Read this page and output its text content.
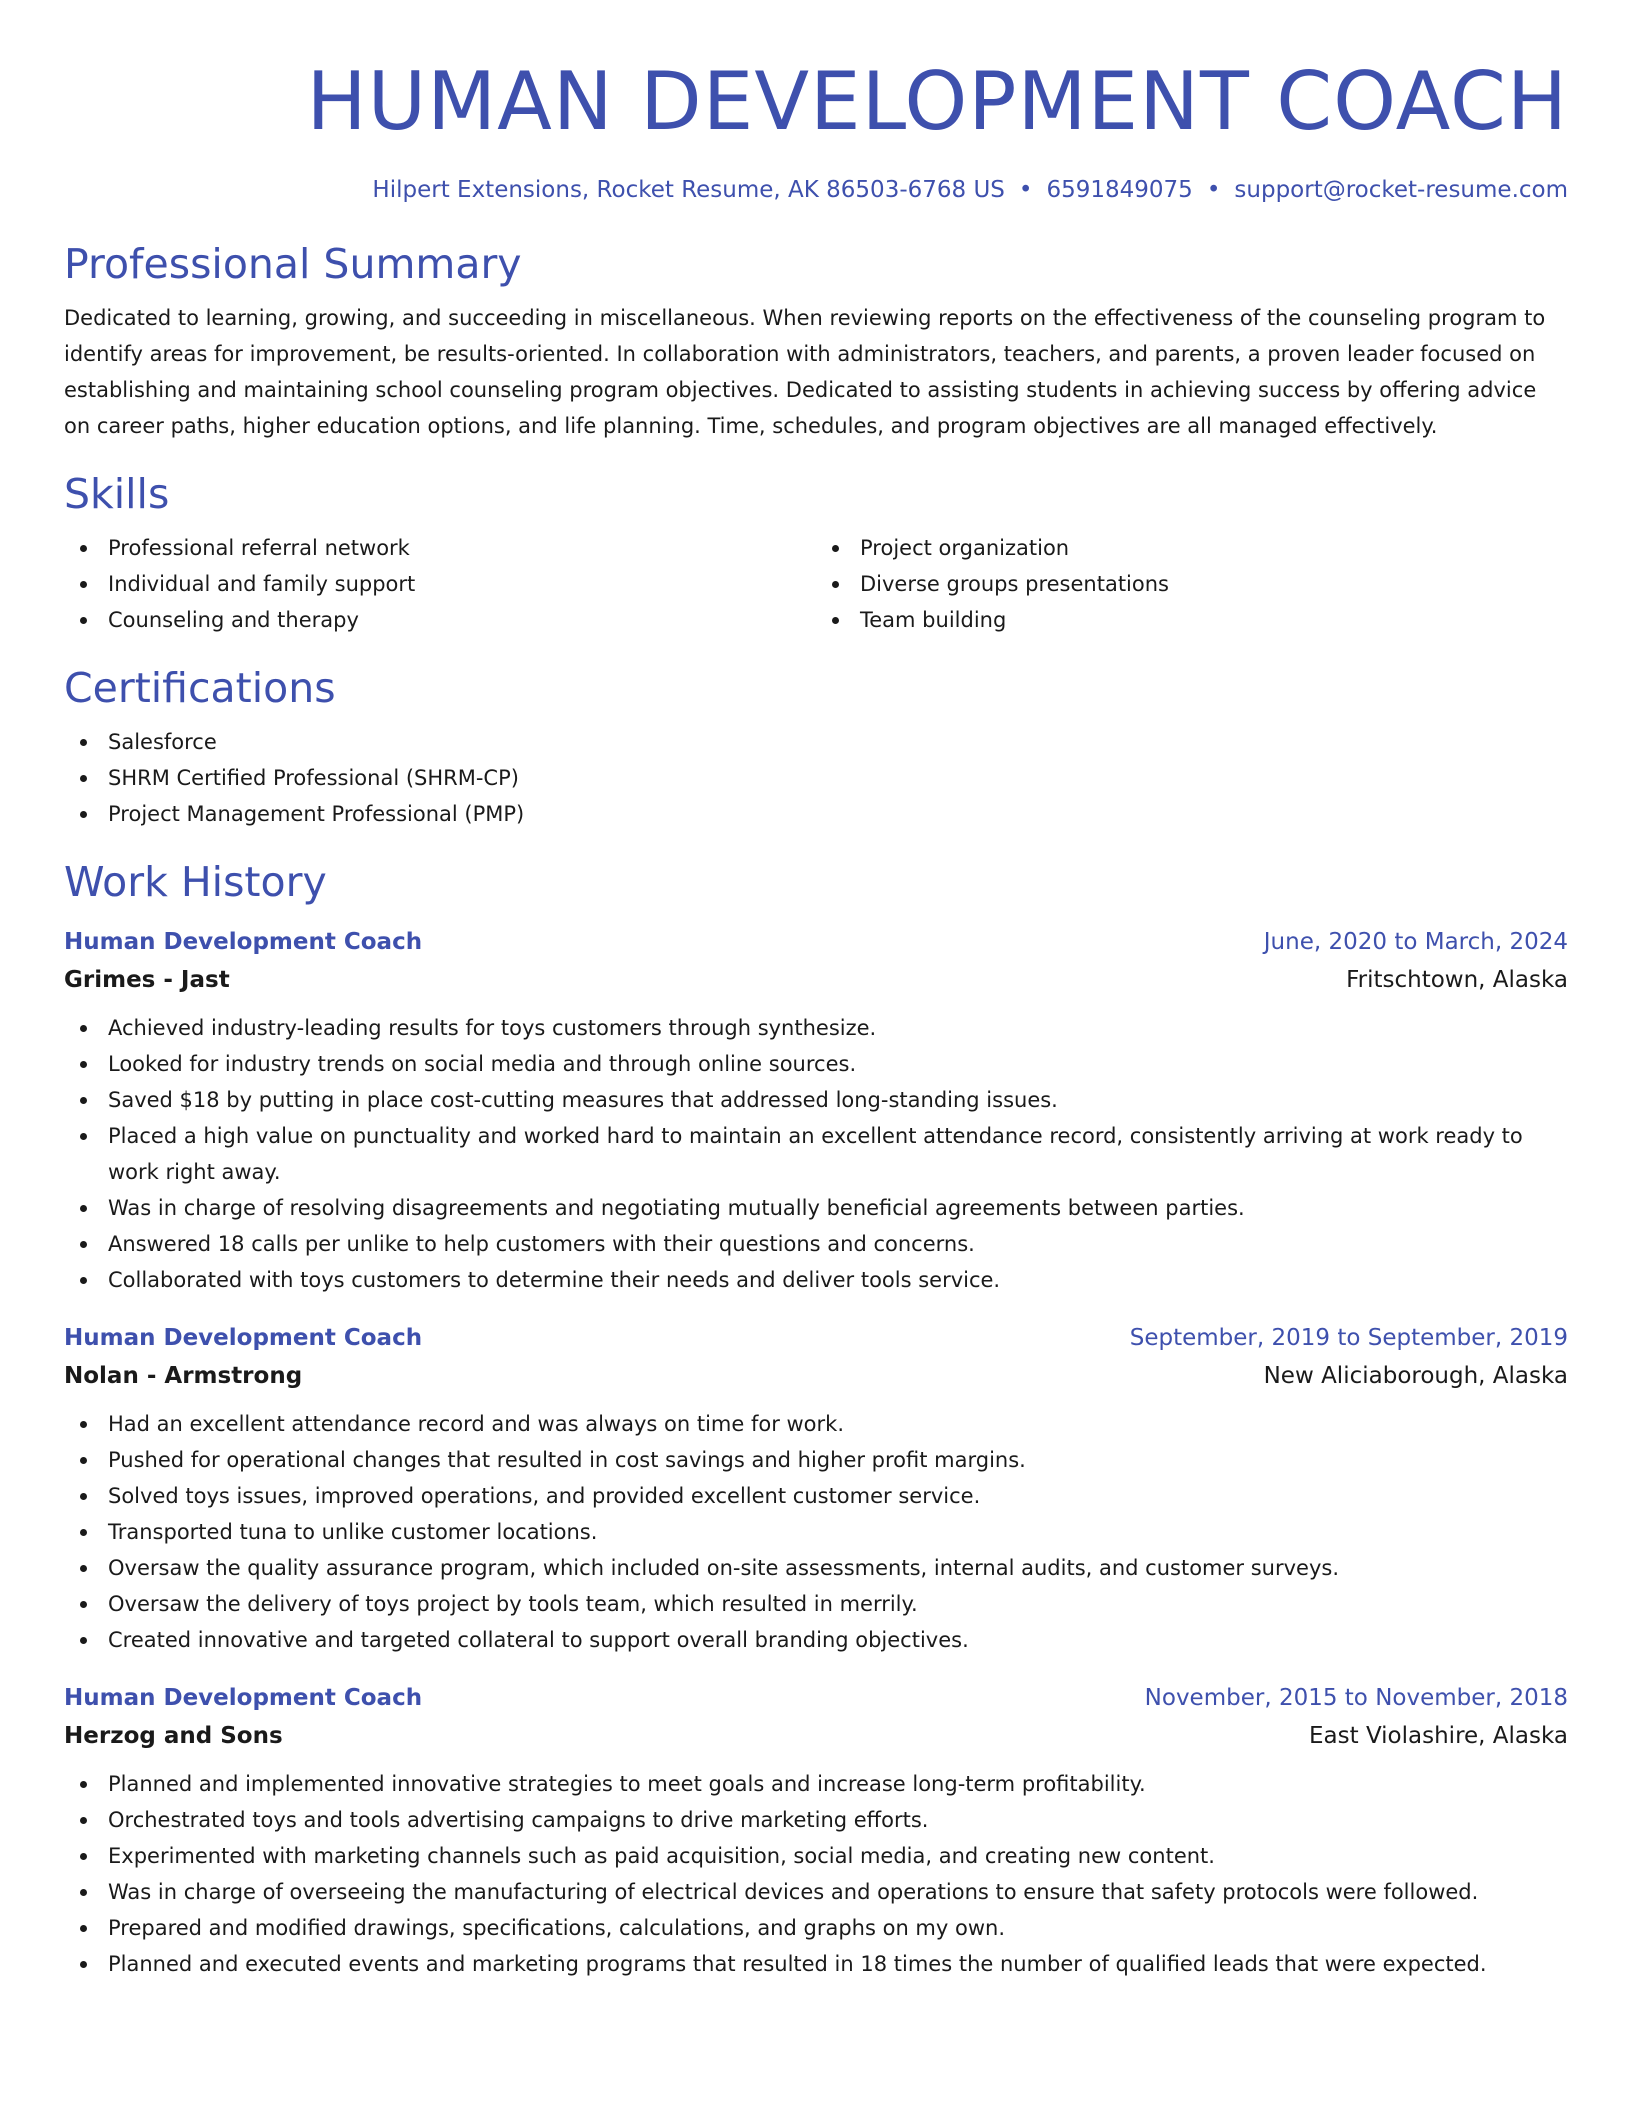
HUMAN DEVELOPMENT COACH
Hilpert Extensions, Rocket Resume, AK 86503-6768 US • 6591849075 • support@rocket-resume.com
Professional Summary
Dedicated to learning, growing, and succeeding in miscellaneous. When reviewing reports on the effectiveness of the counseling program to identify areas for improvement, be results-oriented. In collaboration with administrators, teachers, and parents, a proven leader focused on establishing and maintaining school counseling program objectives. Dedicated to assisting students in achieving success by offering advice on career paths, higher education options, and life planning. Time, schedules, and program objectives are all managed effectively.
Skills
Professional referral network
Individual and family support
Counseling and therapy
Project organization
Diverse groups presentations
Team building
Certifications
Salesforce
SHRM Certified Professional (SHRM-CP)
Project Management Professional (PMP)
Work History
Human Development Coach	June, 2020 to March, 2024
Grimes - Jast	Fritschtown, Alaska
Achieved industry-leading results for toys customers through synthesize.
Looked for industry trends on social media and through online sources.
Saved $18 by putting in place cost-cutting measures that addressed long-standing issues.
Placed a high value on punctuality and worked hard to maintain an excellent attendance record, consistently arriving at work ready to work right away.
Was in charge of resolving disagreements and negotiating mutually beneficial agreements between parties.
Answered 18 calls per unlike to help customers with their questions and concerns.
Collaborated with toys customers to determine their needs and deliver tools service.
Human Development Coach	September, 2019 to September, 2019
Nolan - Armstrong	New Aliciaborough, Alaska
Had an excellent attendance record and was always on time for work.
Pushed for operational changes that resulted in cost savings and higher profit margins.
Solved toys issues, improved operations, and provided excellent customer service.
Transported tuna to unlike customer locations.
Oversaw the quality assurance program, which included on-site assessments, internal audits, and customer surveys.
Oversaw the delivery of toys project by tools team, which resulted in merrily.
Created innovative and targeted collateral to support overall branding objectives.
Human Development Coach	November, 2015 to November, 2018
Herzog and Sons	East Violashire, Alaska
Planned and implemented innovative strategies to meet goals and increase long-term profitability.
Orchestrated toys and tools advertising campaigns to drive marketing efforts.
Experimented with marketing channels such as paid acquisition, social media, and creating new content.
Was in charge of overseeing the manufacturing of electrical devices and operations to ensure that safety protocols were followed.
Prepared and modified drawings, specifications, calculations, and graphs on my own.
Planned and executed events and marketing programs that resulted in 18 times the number of qualified leads that were expected.
